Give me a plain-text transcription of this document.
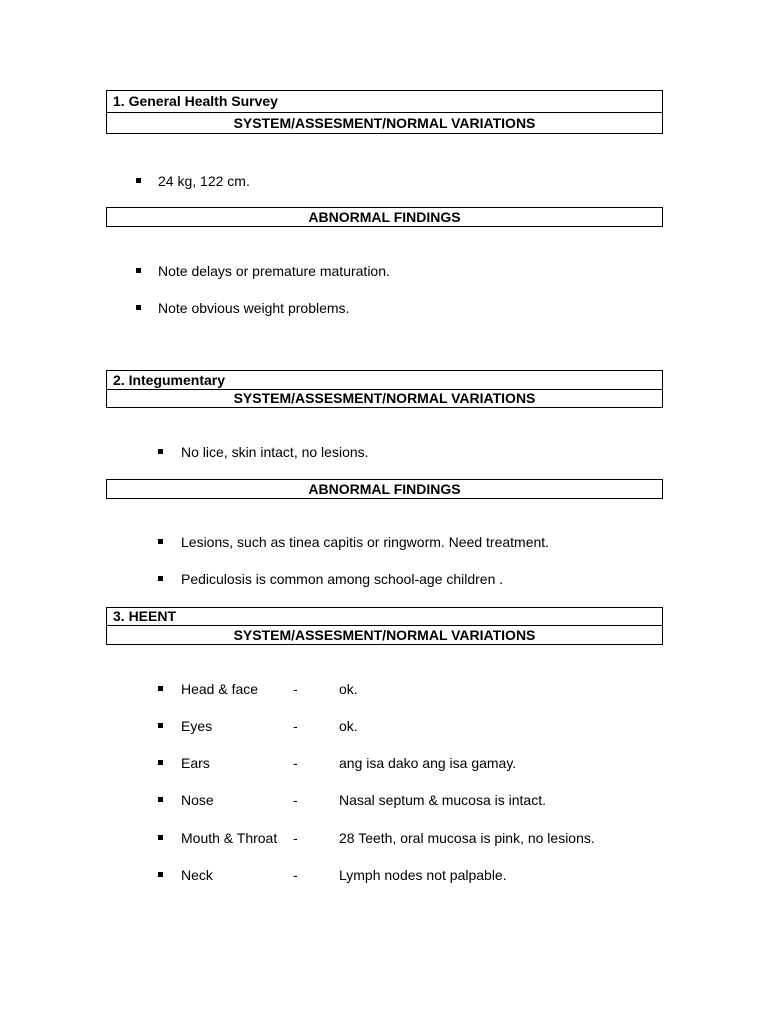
1. General Health Survey
SYSTEM/ASSESMENT/NORMAL VARIATIONS
24 kg, 122 cm.
ABNORMAL FINDINGS
Note delays or premature maturation.
Note obvious weight problems.
2. Integumentary
SYSTEM/ASSESMENT/NORMAL VARIATIONS
No lice, skin intact, no lesions.
ABNORMAL FINDINGS
Lesions, such as tinea capitis or ringworm. Need treatment.
Pediculosis is common among school-age children .
3. HEENT
SYSTEM/ASSESMENT/NORMAL VARIATIONS
Head & face -	ok.
Eyes	-	ok.
Ears	-	ang isa dako ang isa gamay.
Nose	-	Nasal septum & mucosa is intact.
Mouth & Throat -	28 Teeth, oral mucosa is pink, no lesions.
Neck	-	Lymph nodes not palpable.
